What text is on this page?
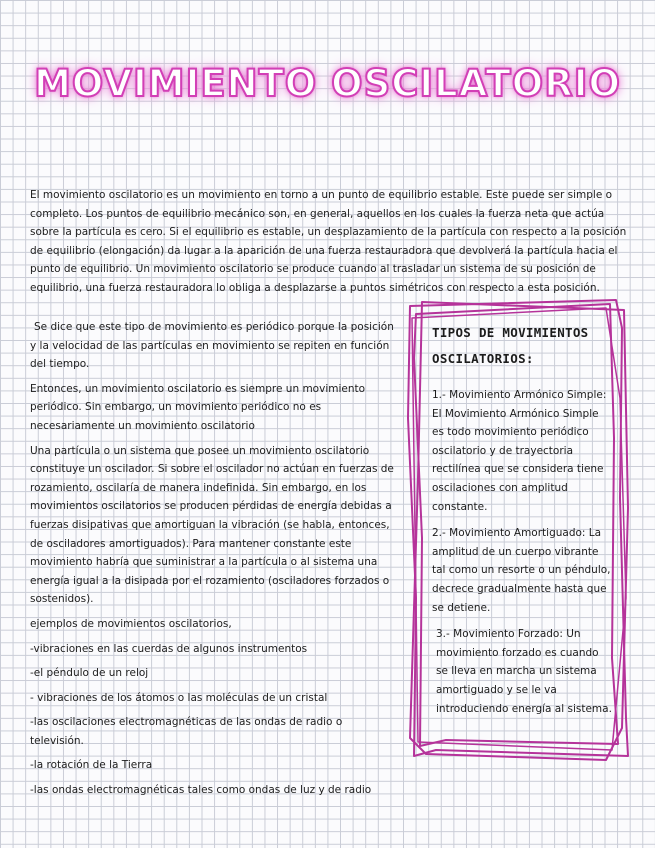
MOVIMIENTO OSCILATORIO

El movimiento oscilatorio es un movimiento en torno a un punto de equilibrio estable. Este puede ser simple o completo. Los puntos de equilibrio mecánico son, en general, aquellos en los cuales la fuerza neta que actúa sobre la partícula es cero. Si el equilibrio es estable, un desplazamiento de la partícula con respecto a la posición de equilibrio (elongación) da lugar a la aparición de una fuerza restauradora que devolverá la partícula hacia el punto de equilibrio. Un movimiento oscilatorio se produce cuando al trasladar un sistema de su posición de equilibrio, una fuerza restauradora lo obliga a desplazarse a puntos simétricos con respecto a esta posición.

Se dice que este tipo de movimiento es periódico porque la posición y la velocidad de las partículas en movimiento se repiten en función del tiempo.

Entonces, un movimiento oscilatorio es siempre un movimiento periódico. Sin embargo, un movimiento periódico no es necesariamente un movimiento oscilatorio

Una partícula o un sistema que posee un movimiento oscilatorio constituye un oscilador. Si sobre el oscilador no actúan en fuerzas de rozamiento, oscilaría de manera indefinida. Sin embargo, en los movimientos oscilatorios se producen pérdidas de energía debidas a fuerzas disipativas que amortiguan la vibración (se habla, entonces, de osciladores amortiguados). Para mantener constante este movimiento habría que suministrar a la partícula o al sistema una energía igual a la disipada por el rozamiento (osciladores forzados o sostenidos).

ejemplos de movimientos oscilatorios,

-vibraciones en las cuerdas de algunos instrumentos

-el péndulo de un reloj

- vibraciones de los átomos o las moléculas de un cristal

-las oscilaciones electromagnéticas de las ondas de radio o televisión.

-la rotación de la Tierra

-las ondas electromagnéticas tales como ondas de luz y de radio

TIPOS DE MOVIMIENTOS OSCILATORIOS:

1.- Movimiento Armónico Simple: El Movimiento Armónico Simple es todo movimiento periódico oscilatorio y de trayectoria rectilínea que se considera tiene oscilaciones con amplitud constante.

2.- Movimiento Amortiguado: La amplitud de un cuerpo vibrante tal como un resorte o un péndulo, decrece gradualmente hasta que se detiene.

3.- Movimiento Forzado: Un movimiento forzado es cuando se lleva en marcha un sistema amortiguado y se le va introduciendo energía al sistema.
